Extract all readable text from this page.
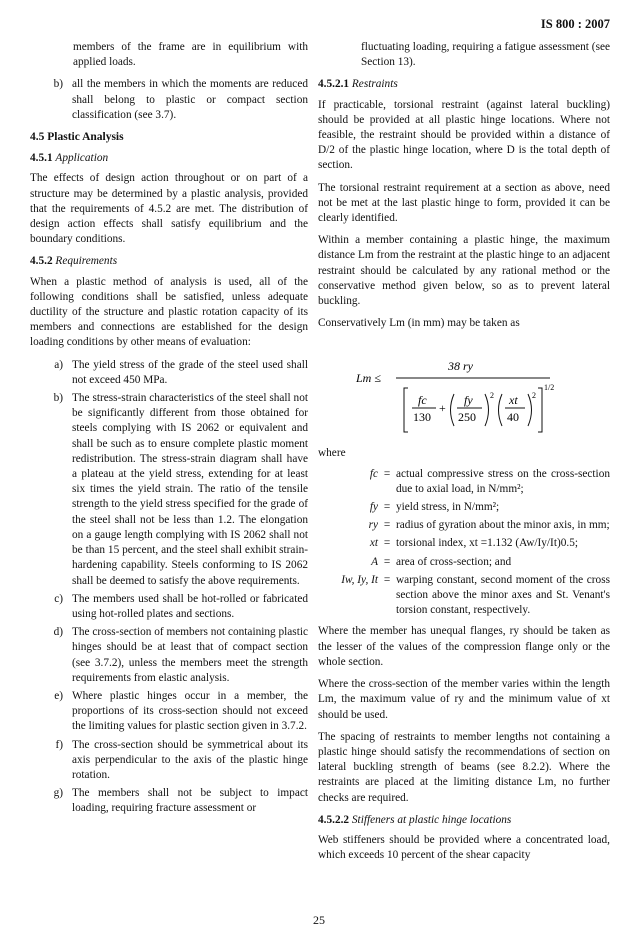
IS 800 : 2007

members of the frame are in equilibrium with applied loads.

b) all the members in which the moments are reduced shall belong to plastic or compact section classification (see 3.7).
4.5 Plastic Analysis
4.5.1 Application

The effects of design action throughout or on part of a structure may be determined by a plastic analysis, provided that the requirements of 4.5.2 are met. The distribution of design action effects shall satisfy equilibrium and the boundary conditions.

4.5.2 Requirements

When a plastic method of analysis is used, all of the following conditions shall be satisfied, unless adequate ductility of the structure and plastic rotation capacity of its members and connections are established for the design loading conditions by other means of evaluation:

a) The yield stress of the grade of the steel used shall not exceed 450 MPa.
b) The stress-strain characteristics of the steel shall not be significantly different from those obtained for steels complying with IS 2062 or equivalent and shall be such as to ensure complete plastic moment redistribution. The stress-strain diagram shall have a plateau at the yield stress, extending for at least six times the yield strain. The ratio of the tensile strength to the yield stress specified for the grade of the steel shall not be less than 1.2. The elongation on a gauge length complying with IS 2062 shall not be than 15 percent, and the steel shall exhibit strain-hardening capability. Steels conforming to IS 2062 shall be deemed to satisfy the above requirements.
c) The members used shall be hot-rolled or fabricated using hot-rolled plates and sections.
d) The cross-section of members not containing plastic hinges should be at least that of compact section (see 3.7.2), unless the members meet the strength requirements from elastic analysis.
e) Where plastic hinges occur in a member, the proportions of its cross-section should not exceed the limiting values for plastic section given in 3.7.2.
f) The cross-section should be symmetrical about its axis perpendicular to the axis of the plastic hinge rotation.
g) The members shall not be subject to impact loading, requiring fracture assessment or

fluctuating loading, requiring a fatigue assessment (see Section 13).

4.5.2.1 Restraints

If practicable, torsional restraint (against lateral buckling) should be provided at all plastic hinge locations. Where not feasible, the restraint should be provided within a distance of D/2 of the plastic hinge location, where D is the total depth of section.

The torsional restraint requirement at a section as above, need not be met at the last plastic hinge to form, provided it can be clearly identified.

Within a member containing a plastic hinge, the maximum distance Lm from the restraint at the plastic hinge to an adjacent restraint should be calculated by any rational method or the conservative method given below, so as to prevent lateral buckling.

Conservatively Lm (in mm) may be taken as

Lm ≤
38 ry
1/2
fc
130
+
fy
250
2 xt
40
2
where
fc = actual compressive stress on the cross-section due to axial load, in N/mm²;
fy = yield stress, in N/mm²;
ry = radius of gyration about the minor axis, in mm;
xt = torsional index, xt =1.132 (Aw/Iy/It)0.5;
A = area of cross-section; and
Iw, Iy, It = warping constant, second moment of the cross section above the minor axes and St. Venant's torsion constant, respectively.

Where the member has unequal flanges, ry should be taken as the lesser of the values of the compression flange only or the whole section.

Where the cross-section of the member varies within the length Lm, the maximum value of ry and the minimum value of xt should be used.

The spacing of restraints to member lengths not containing a plastic hinge should satisfy the recommendations of section on lateral buckling strength of beams (see 8.2.2). Where the restraints are placed at the limiting distance Lm, no further checks are required.

4.5.2.2 Stiffeners at plastic hinge locations

Web stiffeners should be provided where a concentrated load, which exceeds 10 percent of the shear capacity

25
